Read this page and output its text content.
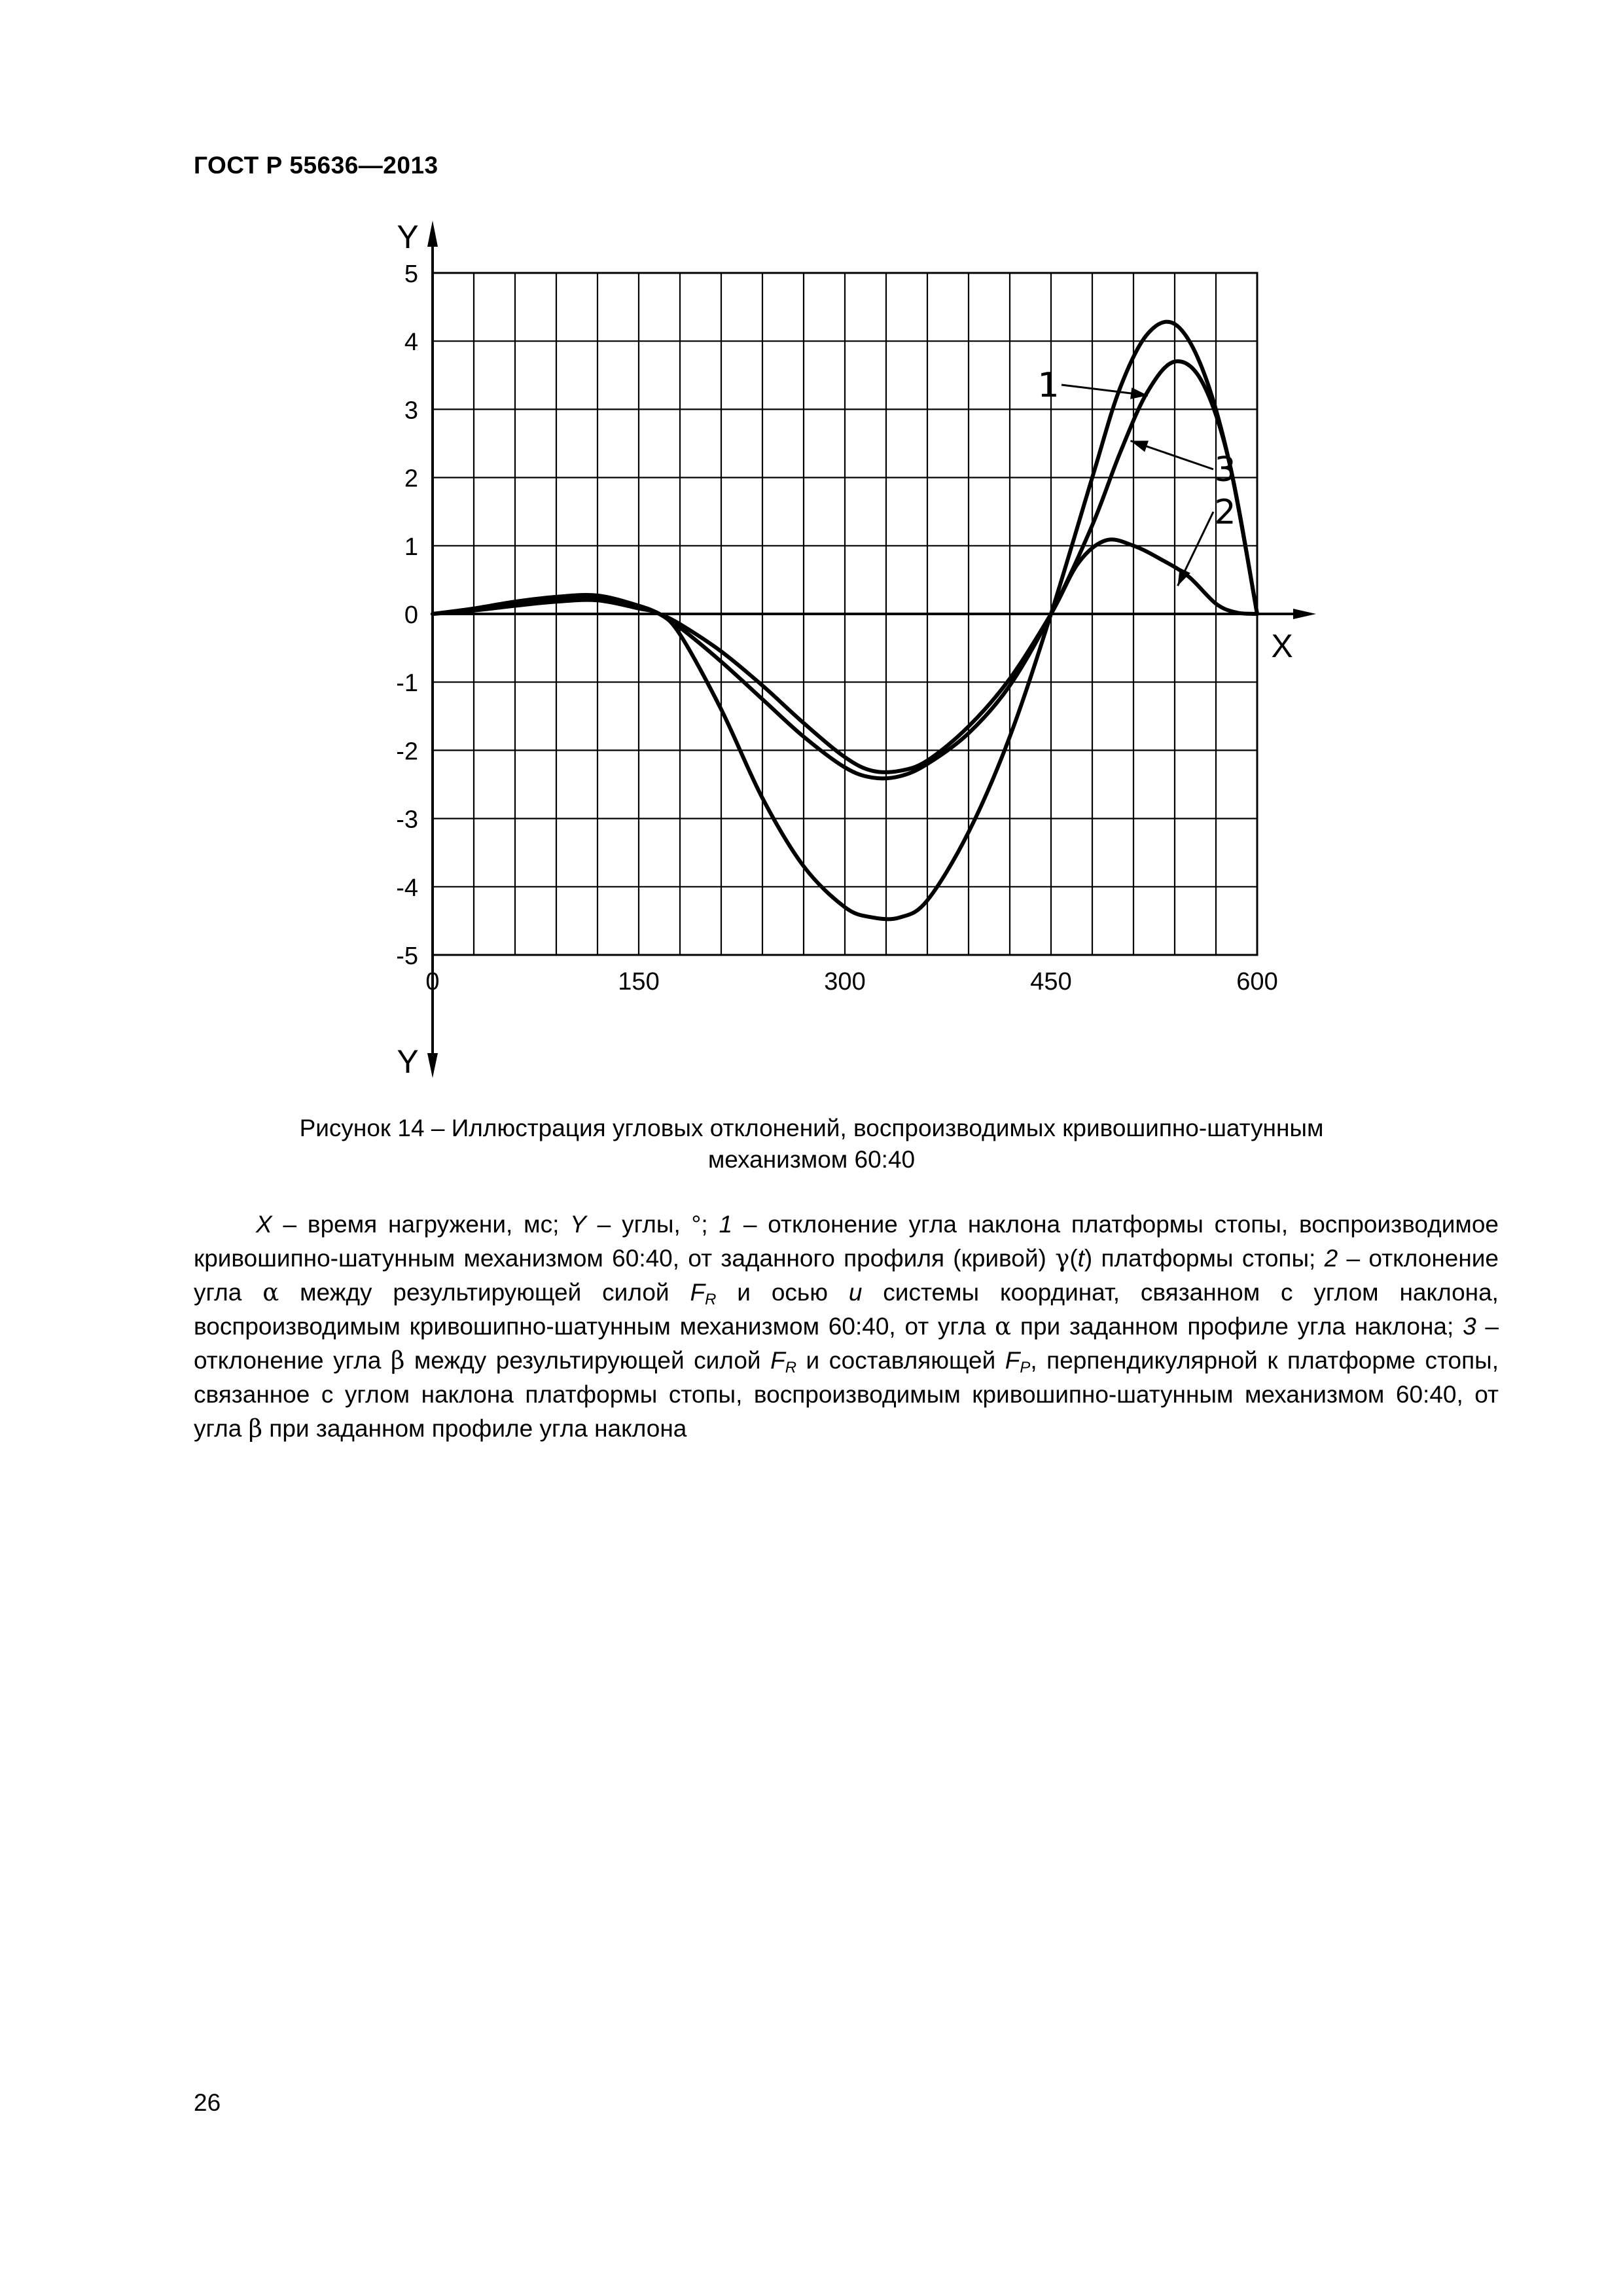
ГОСТ Р 55636—2013
Y
Y
X
5
4
3
2
1
0
-1
-2
-3
-4
-5
0	150	300	450	600
1
3
2
Рисунок 14 – Иллюстрация угловых отклонений, воспроизводимых кривошипно-шатунным
механизмом 60:40
X – время нагружени, мс; Y – углы, °; 1 – отклонение угла наклона платформы стопы, воспроизводимое кривошипно-шатунным механизмом 60:40, от заданного профиля (кривой) γ(t) платформы стопы; 2 – отклонение угла α между результирующей силой $F_R$ и осью u системы координат, связанном с углом наклона, воспроизводимым кривошипно-шатунным механизмом 60:40, от угла α при заданном профиле угла наклона; 3 – отклонение угла β между результирующей силой $F_R$ и составляющей $F_P$, перпендикулярной к платформе стопы, связанное с углом наклона платформы стопы, воспроизводимым кривошипно-шатунным механизмом 60:40, от угла β при заданном профиле угла наклона
26
